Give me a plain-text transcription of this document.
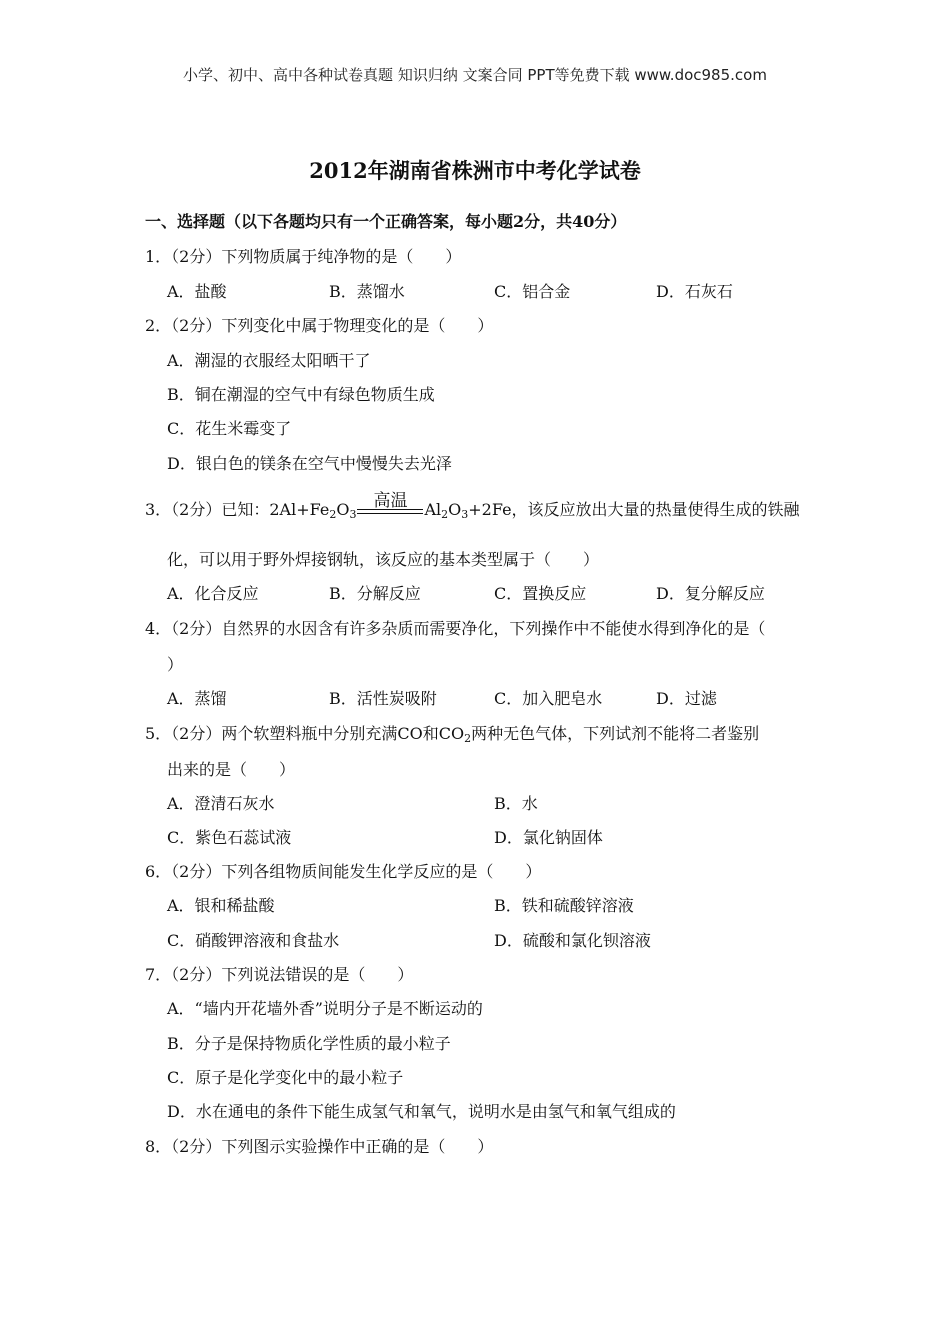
小学、初中、高中各种试卷真题 知识归纳 文案合同 PPT等免费下载 www.doc985.com
2012年湖南省株洲市中考化学试卷
一、选择题（以下各题均只有一个正确答案，每小题2分，共40分）
1．（2分）下列物质属于纯净物的是（　　）
A．盐酸	B．蒸馏水	C．铝合金	D．石灰石
2．（2分）下列变化中属于物理变化的是（　　）
A．潮湿的衣服经太阳晒干了
B．铜在潮湿的空气中有绿色物质生成
C．花生米霉变了
D．银白色的镁条在空气中慢慢失去光泽
3．（2分）已知：$2Al+Fe_2O_3$
高温	$Al_2O_3+2Fe$，该反应放出大量的热量使得生成的铁融
化，可以用于野外焊接钢轨，该反应的基本类型属于（　　）
A．化合反应	B．分解反应	C．置换反应	D．复分解反应
4．（2分）自然界的水因含有许多杂质而需要净化，下列操作中不能使水得到净化的是（
）
A．蒸馏	B．活性炭吸附	C．加入肥皂水	D．过滤
5．（2分）两个软塑料瓶中分别充满CO和$CO_2$两种无色气体，下列试剂不能将二者鉴别
出来的是（　　）
A．澄清石灰水	B．水
C．紫色石蕊试液	D．氯化钠固体
6．（2分）下列各组物质间能发生化学反应的是（　　）
A．银和稀盐酸	B．铁和硫酸锌溶液
C．硝酸钾溶液和食盐水	D．硫酸和氯化钡溶液
7．（2分）下列说法错误的是（　　）
A．“墙内开花墙外香”说明分子是不断运动的
B．分子是保持物质化学性质的最小粒子
C．原子是化学变化中的最小粒子
D．水在通电的条件下能生成氢气和氧气，说明水是由氢气和氧气组成的
8．（2分）下列图示实验操作中正确的是（　　）
